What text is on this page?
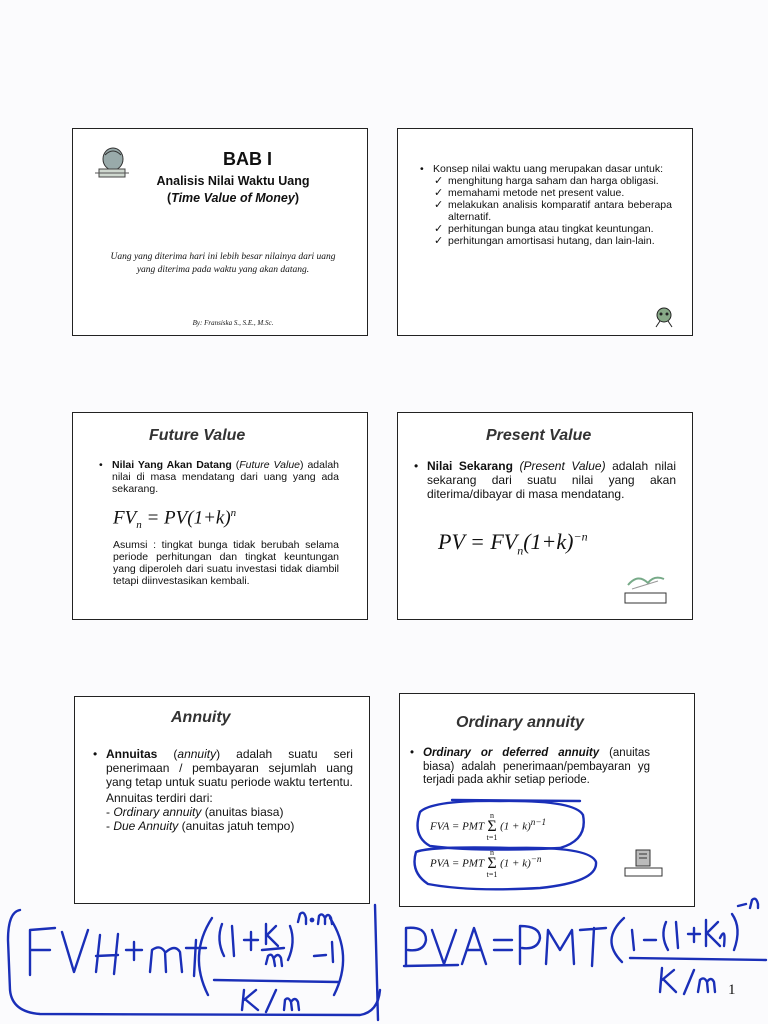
BAB I
Analisis Nilai Waktu Uang
(Time Value of Money)
Uang yang diterima hari ini lebih besar nilainya dari uang
yang diterima pada waktu yang akan datang.
By: Fransiska S., S.E., M.Sc.
• Konsep nilai waktu uang merupakan dasar untuk:
✓ menghitung harga saham dan harga obligasi.
✓ memahami metode net present value.
✓ melakukan analisis komparatif antara beberapa alternatif.
✓ perhitungan bunga atau tingkat keuntungan.
✓ perhitungan amortisasi hutang, dan lain-lain.
Future Value
• Nilai Yang Akan Datang (Future Value) adalah nilai di masa mendatang dari uang yang ada sekarang.
$FV_n = PV(1+k)^n$
Asumsi : tingkat bunga tidak berubah selama periode perhitungan dan tingkat keuntungan yang diperoleh dari suatu investasi tidak diambil tetapi diinvestasikan kembali.
Present Value
• Nilai Sekarang (Present Value) adalah nilai sekarang dari suatu nilai yang akan diterima/dibayar di masa mendatang.
PV = $FV_n(1+k)^{-n}$
Annuity
• Annuitas (annuity) adalah suatu seri penerimaan / pembayaran sejumlah uang yang tetap untuk suatu periode waktu tertentu.
Annuitas terdiri dari:
- Ordinary annuity (anuitas biasa)
- Due Annuity (anuitas jatuh tempo)
Ordinary annuity
• Ordinary or deferred annuity (anuitas biasa) adalah penerimaan/pembayaran yg terjadi pada akhir setiap periode.
FVA = PMT
n
Σ
t=1
$(1 + k)^{n-1}$
PVA = PMT
n
Σ
t=1
$(1 + k)^{-n}$
1
